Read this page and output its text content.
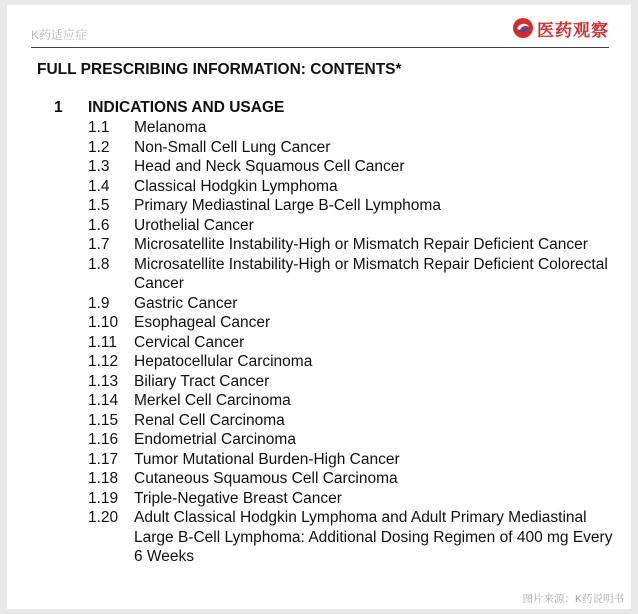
K药适应症	医药观察
FULL PRESCRIBING INFORMATION: CONTENTS*
1	INDICATIONS AND USAGE
1.1	Melanoma
1.2	Non-Small Cell Lung Cancer
1.3	Head and Neck Squamous Cell Cancer
1.4	Classical Hodgkin Lymphoma
1.5	Primary Mediastinal Large B-Cell Lymphoma
1.6	Urothelial Cancer
1.7	Microsatellite Instability-High or Mismatch Repair Deficient Cancer
1.8	Microsatellite Instability-High or Mismatch Repair Deficient Colorectal Cancer
1.9	Gastric Cancer
1.10	Esophageal Cancer
1.11	Cervical Cancer
1.12	Hepatocellular Carcinoma
1.13	Biliary Tract Cancer
1.14	Merkel Cell Carcinoma
1.15	Renal Cell Carcinoma
1.16	Endometrial Carcinoma
1.17	Tumor Mutational Burden-High Cancer
1.18	Cutaneous Squamous Cell Carcinoma
1.19	Triple-Negative Breast Cancer
1.20	Adult Classical Hodgkin Lymphoma and Adult Primary Mediastinal Large B-Cell Lymphoma: Additional Dosing Regimen of 400 mg Every 6 Weeks
图片来源：K药说明书
